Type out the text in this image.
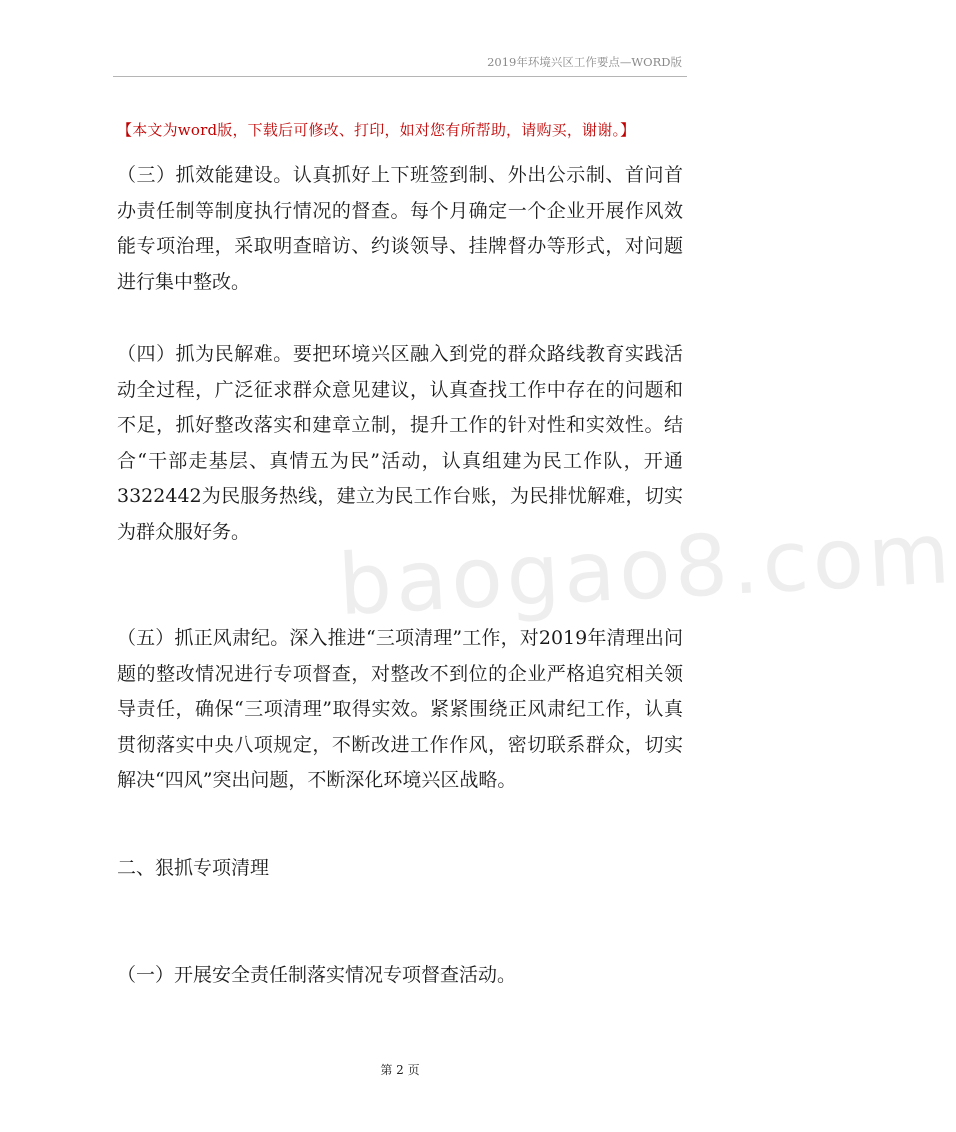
2019年环境兴区工作要点—WORD版
【本文为word版，下载后可修改、打印，如对您有所帮助，请购买，谢谢。】

（三）抓效能建设。认真抓好上下班签到制、外出公示制、首问首办责任制等制度执行情况的督查。每个月确定一个企业开展作风效能专项治理，采取明查暗访、约谈领导、挂牌督办等形式，对问题进行集中整改。

（四）抓为民解难。要把环境兴区融入到党的群众路线教育实践活动全过程，广泛征求群众意见建议，认真查找工作中存在的问题和不足，抓好整改落实和建章立制，提升工作的针对性和实效性。结合“干部走基层、真情五为民”活动，认真组建为民工作队，开通3322442为民服务热线，建立为民工作台账，为民排忧解难，切实为群众服好务。

（五）抓正风肃纪。深入推进“三项清理”工作，对2019年清理出问题的整改情况进行专项督查，对整改不到位的企业严格追究相关领导责任，确保“三项清理”取得实效。紧紧围绕正风肃纪工作，认真贯彻落实中央八项规定，不断改进工作作风，密切联系群众，切实解决“四风”突出问题，不断深化环境兴区战略。

二、狠抓专项清理

（一）开展安全责任制落实情况专项督查活动。

baogao8.com
第 2 页
